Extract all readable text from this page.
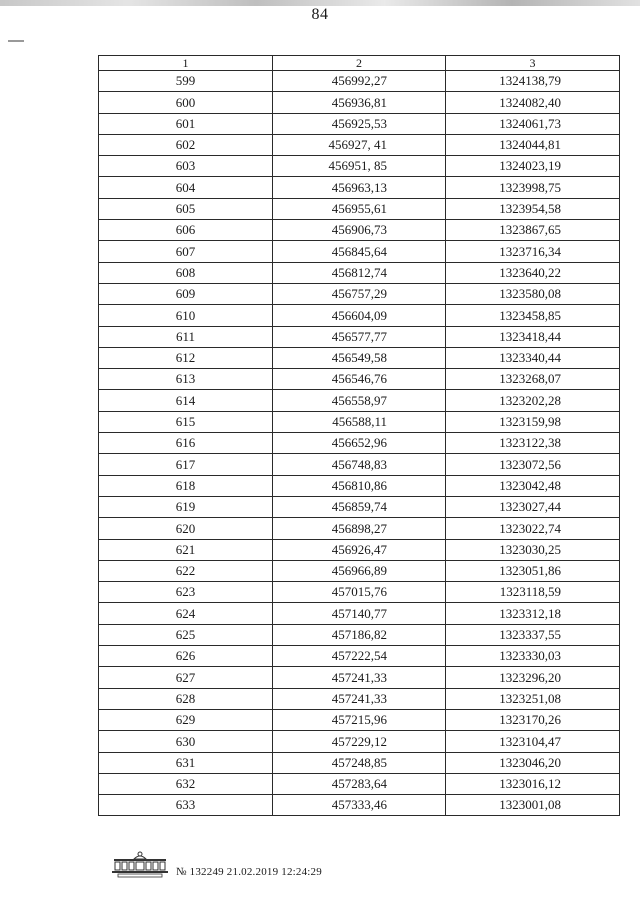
84
1	2	3
599	456992,27	1324138,79
600	456936,81	1324082,40
601	456925,53	1324061,73
602	456927, 41	1324044,81
603	456951, 85	1324023,19
604	456963,13	1323998,75
605	456955,61	1323954,58
606	456906,73	1323867,65
607	456845,64	1323716,34
608	456812,74	1323640,22
609	456757,29	1323580,08
610	456604,09	1323458,85
611	456577,77	1323418,44
612	456549,58	1323340,44
613	456546,76	1323268,07
614	456558,97	1323202,28
615	456588,11	1323159,98
616	456652,96	1323122,38
617	456748,83	1323072,56
618	456810,86	1323042,48
619	456859,74	1323027,44
620	456898,27	1323022,74
621	456926,47	1323030,25
622	456966,89	1323051,86
623	457015,76	1323118,59
624	457140,77	1323312,18
625	457186,82	1323337,55
626	457222,54	1323330,03
627	457241,33	1323296,20
628	457241,33	1323251,08
629	457215,96	1323170,26
630	457229,12	1323104,47
631	457248,85	1323046,20
632	457283,64	1323016,12
633	457333,46	1323001,08
№ 132249 21.02.2019 12:24:29
